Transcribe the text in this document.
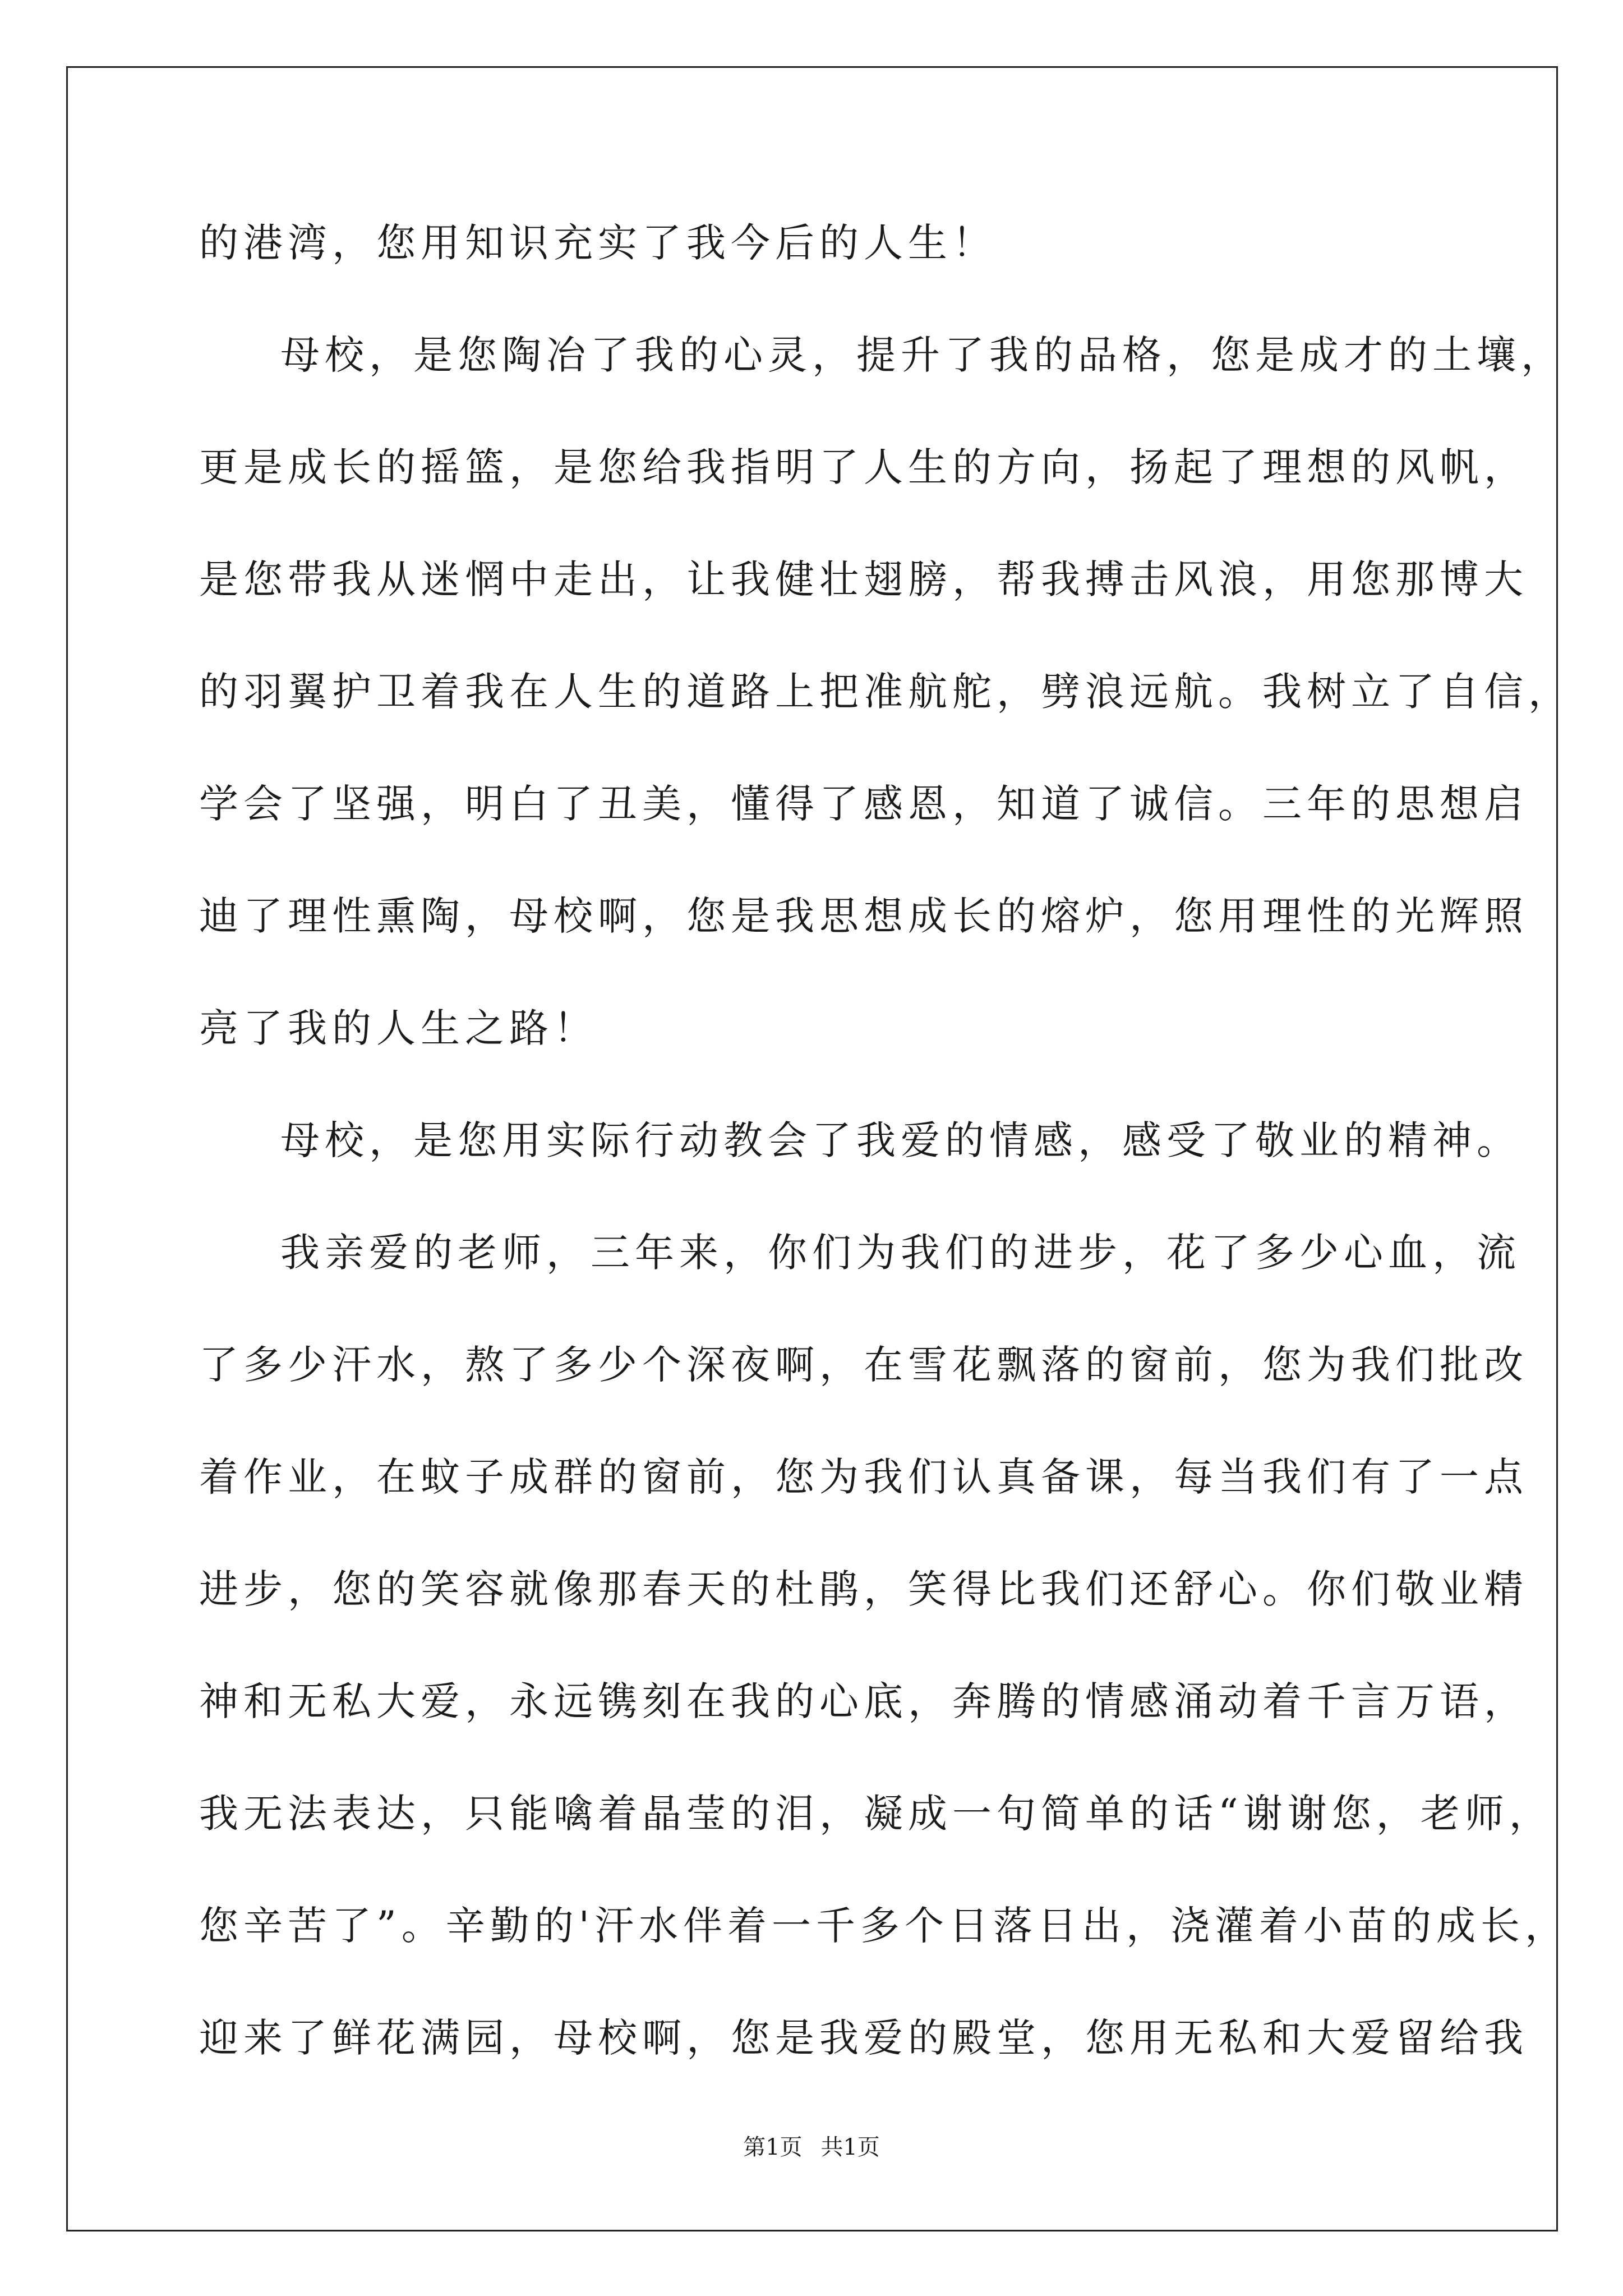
的港湾，您用知识充实了我今后的人生！
母校，是您陶冶了我的心灵，提升了我的品格，您是成才的土壤，
更是成长的摇篮，是您给我指明了人生的方向，扬起了理想的风帆，
是您带我从迷惘中走出，让我健壮翅膀，帮我搏击风浪，用您那博大
的羽翼护卫着我在人生的道路上把准航舵，劈浪远航。我树立了自信，
学会了坚强，明白了丑美，懂得了感恩，知道了诚信。三年的思想启
迪了理性熏陶，母校啊，您是我思想成长的熔炉，您用理性的光辉照
亮了我的人生之路！
母校，是您用实际行动教会了我爱的情感，感受了敬业的精神。
我亲爱的老师，三年来，你们为我们的进步，花了多少心血，流
了多少汗水，熬了多少个深夜啊，在雪花飘落的窗前，您为我们批改
着作业，在蚊子成群的窗前，您为我们认真备课，每当我们有了一点
进步，您的笑容就像那春天的杜鹃，笑得比我们还舒心。你们敬业精
神和无私大爱，永远镌刻在我的心底，奔腾的情感涌动着千言万语，
我无法表达，只能噙着晶莹的泪，凝成一句简单的话“谢谢您，老师，
您辛苦了”。辛勤的'汗水伴着一千多个日落日出，浇灌着小苗的成长，
迎来了鲜花满园，母校啊，您是我爱的殿堂，您用无私和大爱留给我
第1页 共1页
